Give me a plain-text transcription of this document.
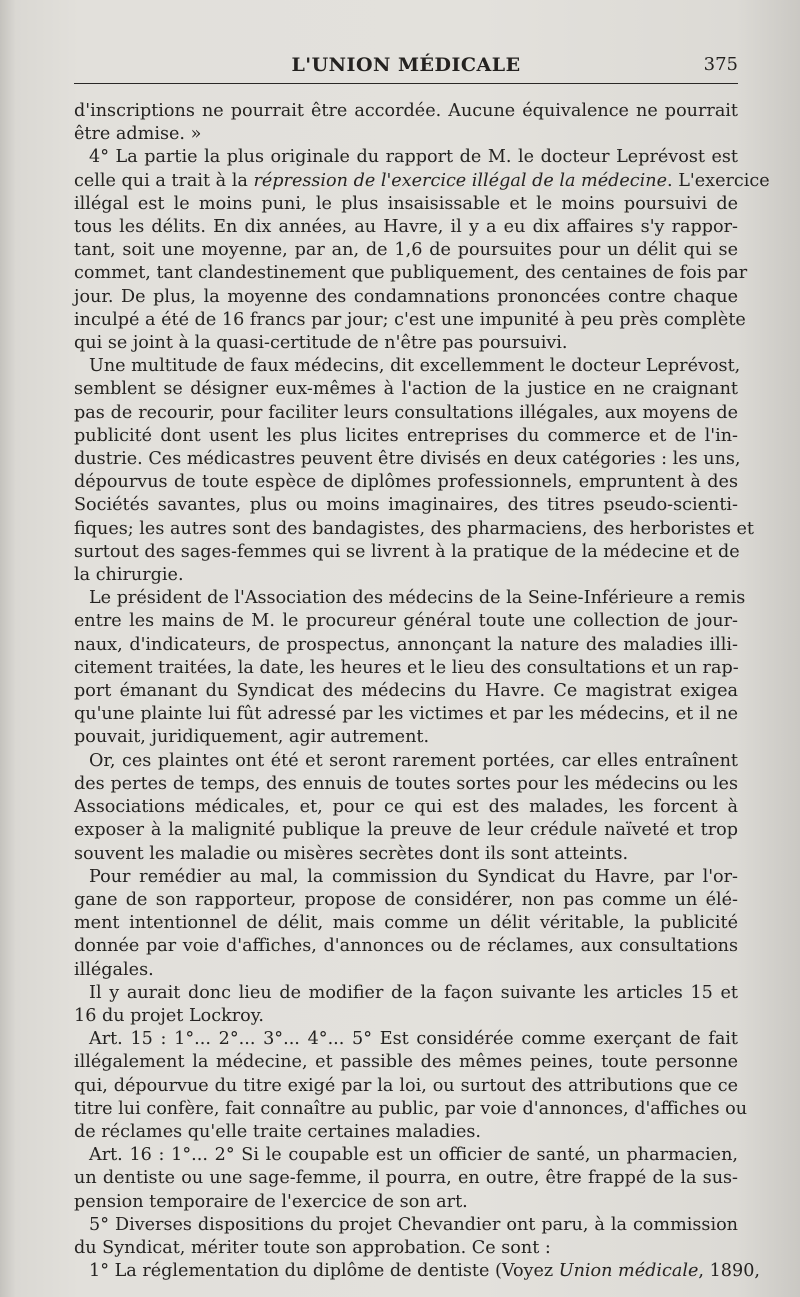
L'UNION MÉDICALE	375
d'inscriptions ne pourrait être accordée. Aucune équivalence ne pourrait
être admise. »
4° La partie la plus originale du rapport de M. le docteur Leprévost est
celle qui a trait à la répression de l'exercice illégal de la médecine. L'exercice
illégal est le moins puni, le plus insaisissable et le moins poursuivi de
tous les délits. En dix années, au Havre, il y a eu dix affaires s'y rappor-
tant, soit une moyenne, par an, de 1,6 de poursuites pour un délit qui se
commet, tant clandestinement que publiquement, des centaines de fois par
jour. De plus, la moyenne des condamnations prononcées contre chaque
inculpé a été de 16 francs par jour; c'est une impunité à peu près complète
qui se joint à la quasi-certitude de n'être pas poursuivi.
Une multitude de faux médecins, dit excellemment le docteur Leprévost,
semblent se désigner eux-mêmes à l'action de la justice en ne craignant
pas de recourir, pour faciliter leurs consultations illégales, aux moyens de
publicité dont usent les plus licites entreprises du commerce et de l'in-
dustrie. Ces médicastres peuvent être divisés en deux catégories : les uns,
dépourvus de toute espèce de diplômes professionnels, empruntent à des
Sociétés savantes, plus ou moins imaginaires, des titres pseudo-scienti-
fiques; les autres sont des bandagistes, des pharmaciens, des herboristes et
surtout des sages-femmes qui se livrent à la pratique de la médecine et de
la chirurgie.
Le président de l'Association des médecins de la Seine-Inférieure a remis
entre les mains de M. le procureur général toute une collection de jour-
naux, d'indicateurs, de prospectus, annonçant la nature des maladies illi-
citement traitées, la date, les heures et le lieu des consultations et un rap-
port émanant du Syndicat des médecins du Havre. Ce magistrat exigea
qu'une plainte lui fût adressé par les victimes et par les médecins, et il ne
pouvait, juridiquement, agir autrement.
Or, ces plaintes ont été et seront rarement portées, car elles entraînent
des pertes de temps, des ennuis de toutes sortes pour les médecins ou les
Associations médicales, et, pour ce qui est des malades, les forcent à
exposer à la malignité publique la preuve de leur crédule naïveté et trop
souvent les maladie ou misères secrètes dont ils sont atteints.
Pour remédier au mal, la commission du Syndicat du Havre, par l'or-
gane de son rapporteur, propose de considérer, non pas comme un élé-
ment intentionnel de délit, mais comme un délit véritable, la publicité
donnée par voie d'affiches, d'annonces ou de réclames, aux consultations
illégales.
Il y aurait donc lieu de modifier de la façon suivante les articles 15 et
16 du projet Lockroy.
Art. 15 : 1°... 2°... 3°... 4°... 5° Est considérée comme exerçant de fait
illégalement la médecine, et passible des mêmes peines, toute personne
qui, dépourvue du titre exigé par la loi, ou surtout des attributions que ce
titre lui confère, fait connaître au public, par voie d'annonces, d'affiches ou
de réclames qu'elle traite certaines maladies.
Art. 16 : 1°... 2° Si le coupable est un officier de santé, un pharmacien,
un dentiste ou une sage-femme, il pourra, en outre, être frappé de la sus-
pension temporaire de l'exercice de son art.
5° Diverses dispositions du projet Chevandier ont paru, à la commission
du Syndicat, mériter toute son approbation. Ce sont :
1° La réglementation du diplôme de dentiste (Voyez Union médicale, 1890,
